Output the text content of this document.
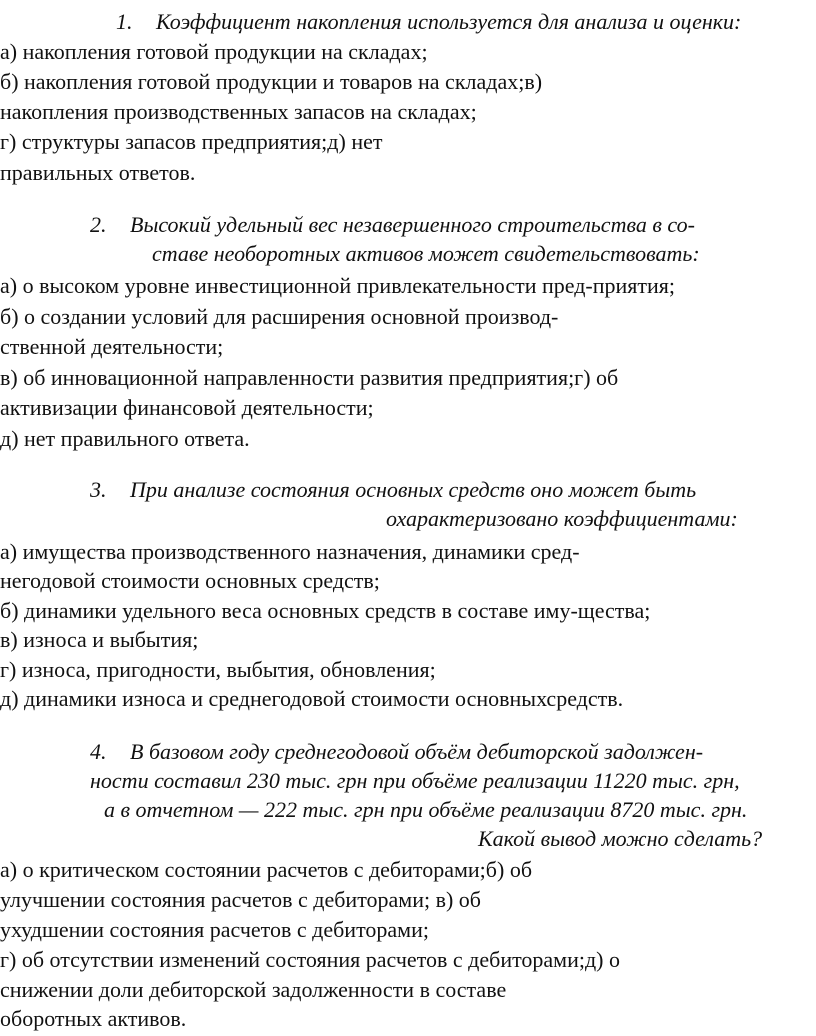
1. Коэффициент накопления используется для анализа и оценки:
а) накопления готовой продукции на складах;
б) накопления готовой продукции и товаров на складах;в)
накопления производственных запасов на складах;
г) структуры запасов предприятия;д) нет
правильных ответов.
2. Высокий удельный вес незавершенного строительства в со-
ставе необоротных активов может свидетельствовать:
а) о высоком уровне инвестиционной привлекательности пред-приятия;
б) о создании условий для расширения основной производ-
ственной деятельности;
в) об инновационной направленности развития предприятия;г) об
активизации финансовой деятельности;
д) нет правильного ответа.
3. При анализе состояния основных средств оно может быть
охарактеризовано коэффициентами:
а) имущества производственного назначения, динамики сред-
негодовой стоимости основных средств;
б) динамики удельного веса основных средств в составе иму-щества;
в) износа и выбытия;
г) износа, пригодности, выбытия, обновления;
д) динамики износа и среднегодовой стоимости основныхсредств.
4. В базовом году среднегодовой объём дебиторской задолжен-
ности составил 230 тыс. грн при объёме реализации 11220 тыс. грн,
а в отчетном — 222 тыс. грн при объёме реализации 8720 тыс. грн.
Какой вывод можно сделать?
а) о критическом состоянии расчетов с дебиторами;б) об
улучшении состояния расчетов с дебиторами; в) об
ухудшении состояния расчетов с дебиторами;
г) об отсутствии изменений состояния расчетов с дебиторами;д) о
снижении доли дебиторской задолженности в составе
оборотных активов.
